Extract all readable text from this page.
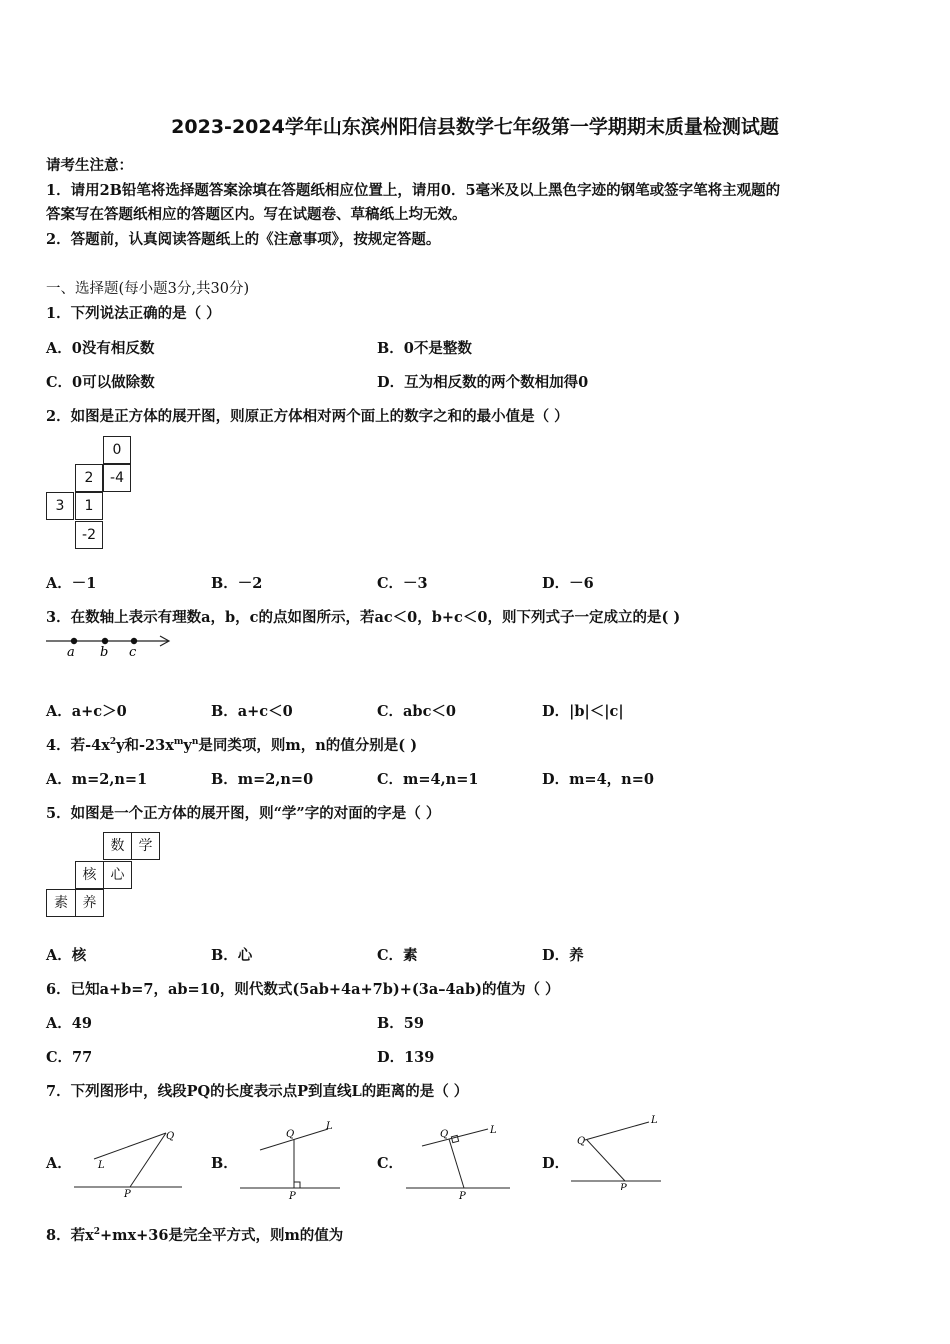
2023-2024学年山东滨州阳信县数学七年级第一学期期末质量检测试题
请考生注意：
1．请用2B铅笔将选择题答案涂填在答题纸相应位置上，请用0．5毫米及以上黑色字迹的钢笔或签字笔将主观题的
答案写在答题纸相应的答题区内。写在试题卷、草稿纸上均无效。
2．答题前，认真阅读答题纸上的《注意事项》，按规定答题。
一、选择题(每小题3分,共30分)
1．下列说法正确的是（ ）
A．0没有相反数	B．0不是整数
C．0可以做除数	D．互为相反数的两个数相加得0
2．如图是正方体的展开图，则原正方体相对两个面上的数字之和的最小值是（ ）
0
2	-4
3	1
-2
A．－1	B．－2	C．－3	D．－6
3．在数轴上表示有理数a，b，c的点如图所示，若ac＜0，b+c＜0，则下列式子一定成立的是( )
a b c
A．a+c＞0	B．a+c＜0	C．abc＜0	D．|b|＜|c|
4．若$-4x^2y$和$-23x^my^n$是同类项，则m，n的值分别是( )
A．m=2,n=1	B．m=2,n=0	C．m=4,n=1	D．m=4，n=0
5．如图是一个正方体的展开图，则“学”字的对面的字是（ ）
数	学
核	心
素	养
A．核	B．心	C．素	D．养
6．已知a+b=7，ab=10，则代数式(5ab+4a+7b)+(3a–4ab)的值为（ ）
A．49	B．59
C．77	D．139
7．下列图形中，线段PQ的长度表示点P到直线L的距离的是（ ）
A．
Q
L
P
B．
Q
L
P
C．
Q	L
P
D．
Q
L
P
8．若$x^2+mx+36$是完全平方式，则m的值为
